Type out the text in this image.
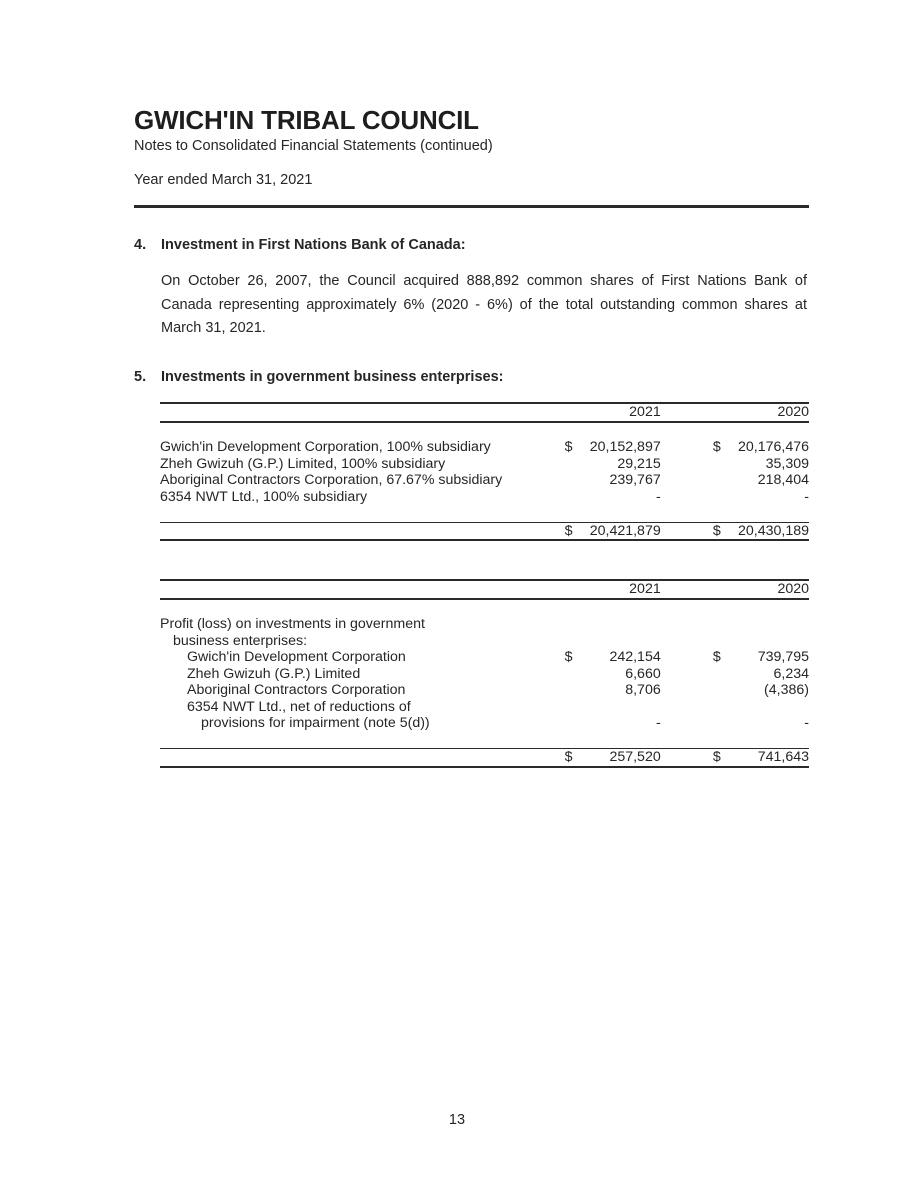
GWICH'IN TRIBAL COUNCIL
Notes to Consolidated Financial Statements (continued)
Year ended March 31, 2021
4. Investment in First Nations Bank of Canada:
On October 26, 2007, the Council acquired 888,892 common shares of First Nations Bank of Canada representing approximately 6% (2020 - 6%) of the total outstanding common shares at March 31, 2021.
5. Investments in government business enterprises:
		2021			2020

Gwich'in Development Corporation, 100% subsidiary	$	20,152,897		$	20,176,476
Zheh Gwizuh (G.P.) Limited, 100% subsidiary		29,215			35,309
Aboriginal Contractors Corporation, 67.67% subsidiary		239,767			218,404
6354 NWT Ltd., 100% subsidiary		-			-

	$	20,421,879		$	20,430,189
		2021			2020

Profit (loss) on investments in government					
business enterprises:					
Gwich'in Development Corporation	$	242,154		$	739,795
Zheh Gwizuh (G.P.) Limited		6,660			6,234
Aboriginal Contractors Corporation		8,706			(4,386)
6354 NWT Ltd., net of reductions of					
provisions for impairment (note 5(d))		-			-

	$	257,520		$	741,643
13
